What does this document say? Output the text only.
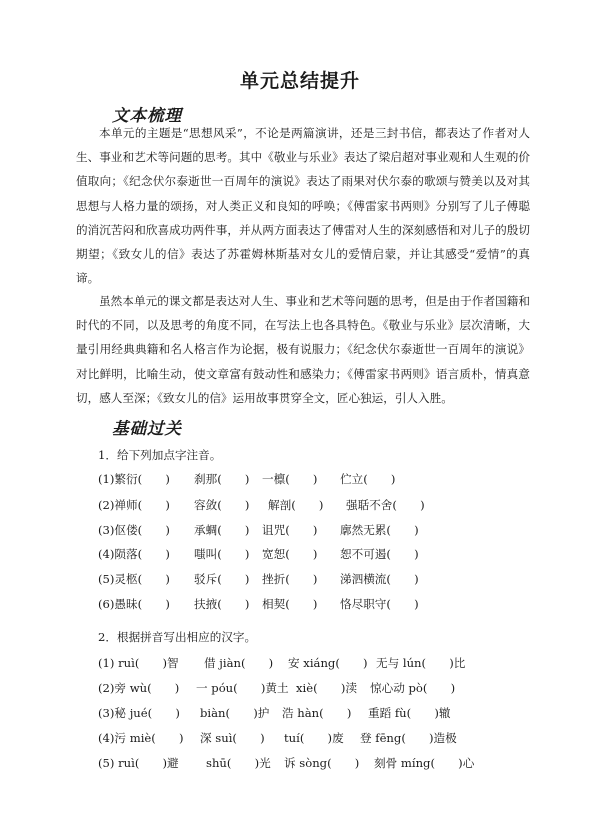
单元总结提升
文本梳理

本单元的主题是“思想风采”，不论是两篇演讲，还是三封书信，都表达了作者对人生、事业和艺术等问题的思考。其中《敬业与乐业》表达了梁启超对事业观和人生观的价值取向；《纪念伏尔泰逝世一百周年的演说》表达了雨果对伏尔泰的歌颂与赞美以及对其思想与人格力量的颂扬，对人类正义和良知的呼唤；《傅雷家书两则》分别写了儿子傅聪的消沉苦闷和欣喜成功两件事，并从两方面表达了傅雷对人生的深刻感悟和对儿子的殷切期望；《致女儿的信》表达了苏霍姆林斯基对女儿的爱情启蒙，并让其感受“爱情”的真谛。

虽然本单元的课文都是表达对人生、事业和艺术等问题的思考，但是由于作者国籍和时代的不同，以及思考的角度不同，在写法上也各具特色。《敬业与乐业》层次清晰，大量引用经典典籍和名人格言作为论据，极有说服力；《纪念伏尔泰逝世一百周年的演说》对比鲜明，比喻生动，使文章富有鼓动性和感染力；《傅雷家书两则》语言质朴，情真意切，感人至深；《致女儿的信》运用故事贯穿全文，匠心独运，引人入胜。

基础过关
1．给下列加点字注音。
(1)繁衍(　　) 刹那(　　) 一檩(　　) 伫立(　　)
(2)禅师(　　) 容敛(　　) 解剖(　　) 强聒不舍(　　)
(3)伛偻(　　) 承蜩(　　) 诅咒(　　) 廓然无累(　　)
(4)陨落(　　) 嗤叫(　　) 宽恕(　　) 恕不可遏(　　)
(5)灵柩(　　) 驳斥(　　) 挫折(　　) 涕泗横流(　　)
(6)愚昧(　　) 扶掖(　　) 相契(　　) 恪尽职守(　　)
2．根据拼音写出相应的汉字。
(1) ruì(　　)智 借 jiàn(　　) 安 xiáng(　　) 无与 lún(　　)比
(2)旁 wù(　　) 一 póu(　　)黄土 xiè(　　)渎 惊心动 pò(　　)
(3)秘 jué(　　) biàn(　　)护 浩 hàn(　　) 重蹈 fù(　　)辙
(4)污 miè(　　) 深 suì(　　) tuí(　　)废 登 fēng(　　)造极
(5) ruì(　　)避 shū(　　)光 诉 sòng(　　) 刻骨 míng(　　)心
